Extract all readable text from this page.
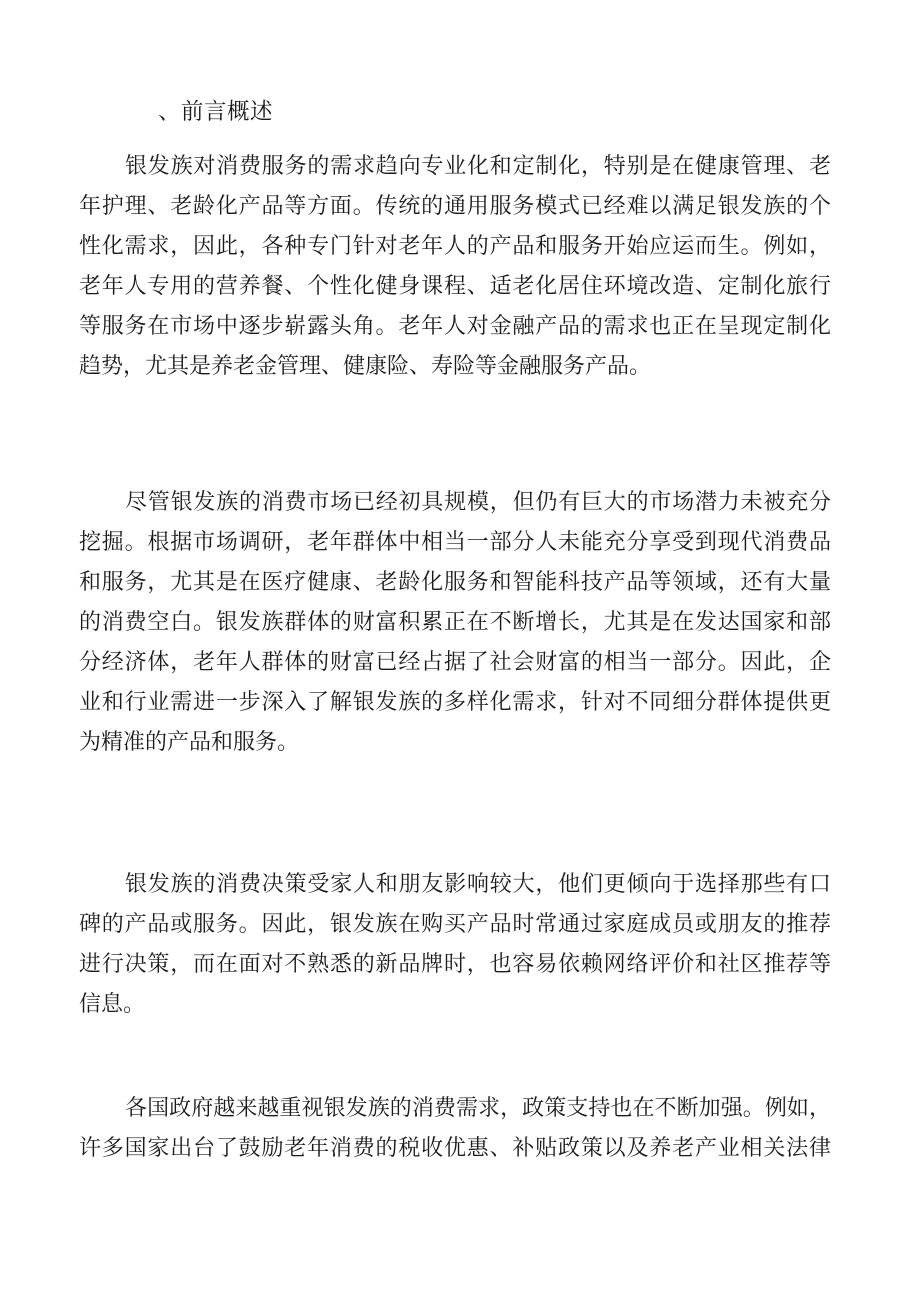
、前言概述
银发族对消费服务的需求趋向专业化和定制化，特别是在健康管理、老
年护理、老龄化产品等方面。传统的通用服务模式已经难以满足银发族的个
性化需求，因此，各种专门针对老年人的产品和服务开始应运而生。例如，
老年人专用的营养餐、个性化健身课程、适老化居住环境改造、定制化旅行
等服务在市场中逐步崭露头角。老年人对金融产品的需求也正在呈现定制化
趋势，尤其是养老金管理、健康险、寿险等金融服务产品。
尽管银发族的消费市场已经初具规模，但仍有巨大的市场潜力未被充分
挖掘。根据市场调研，老年群体中相当一部分人未能充分享受到现代消费品
和服务，尤其是在医疗健康、老龄化服务和智能科技产品等领域，还有大量
的消费空白。银发族群体的财富积累正在不断增长，尤其是在发达国家和部
分经济体，老年人群体的财富已经占据了社会财富的相当一部分。因此，企
业和行业需进一步深入了解银发族的多样化需求，针对不同细分群体提供更
为精准的产品和服务。
银发族的消费决策受家人和朋友影响较大，他们更倾向于选择那些有口
碑的产品或服务。因此，银发族在购买产品时常通过家庭成员或朋友的推荐
进行决策，而在面对不熟悉的新品牌时，也容易依赖网络评价和社区推荐等
信息。
各国政府越来越重视银发族的消费需求，政策支持也在不断加强。例如，
许多国家出台了鼓励老年消费的税收优惠、补贴政策以及养老产业相关法律
